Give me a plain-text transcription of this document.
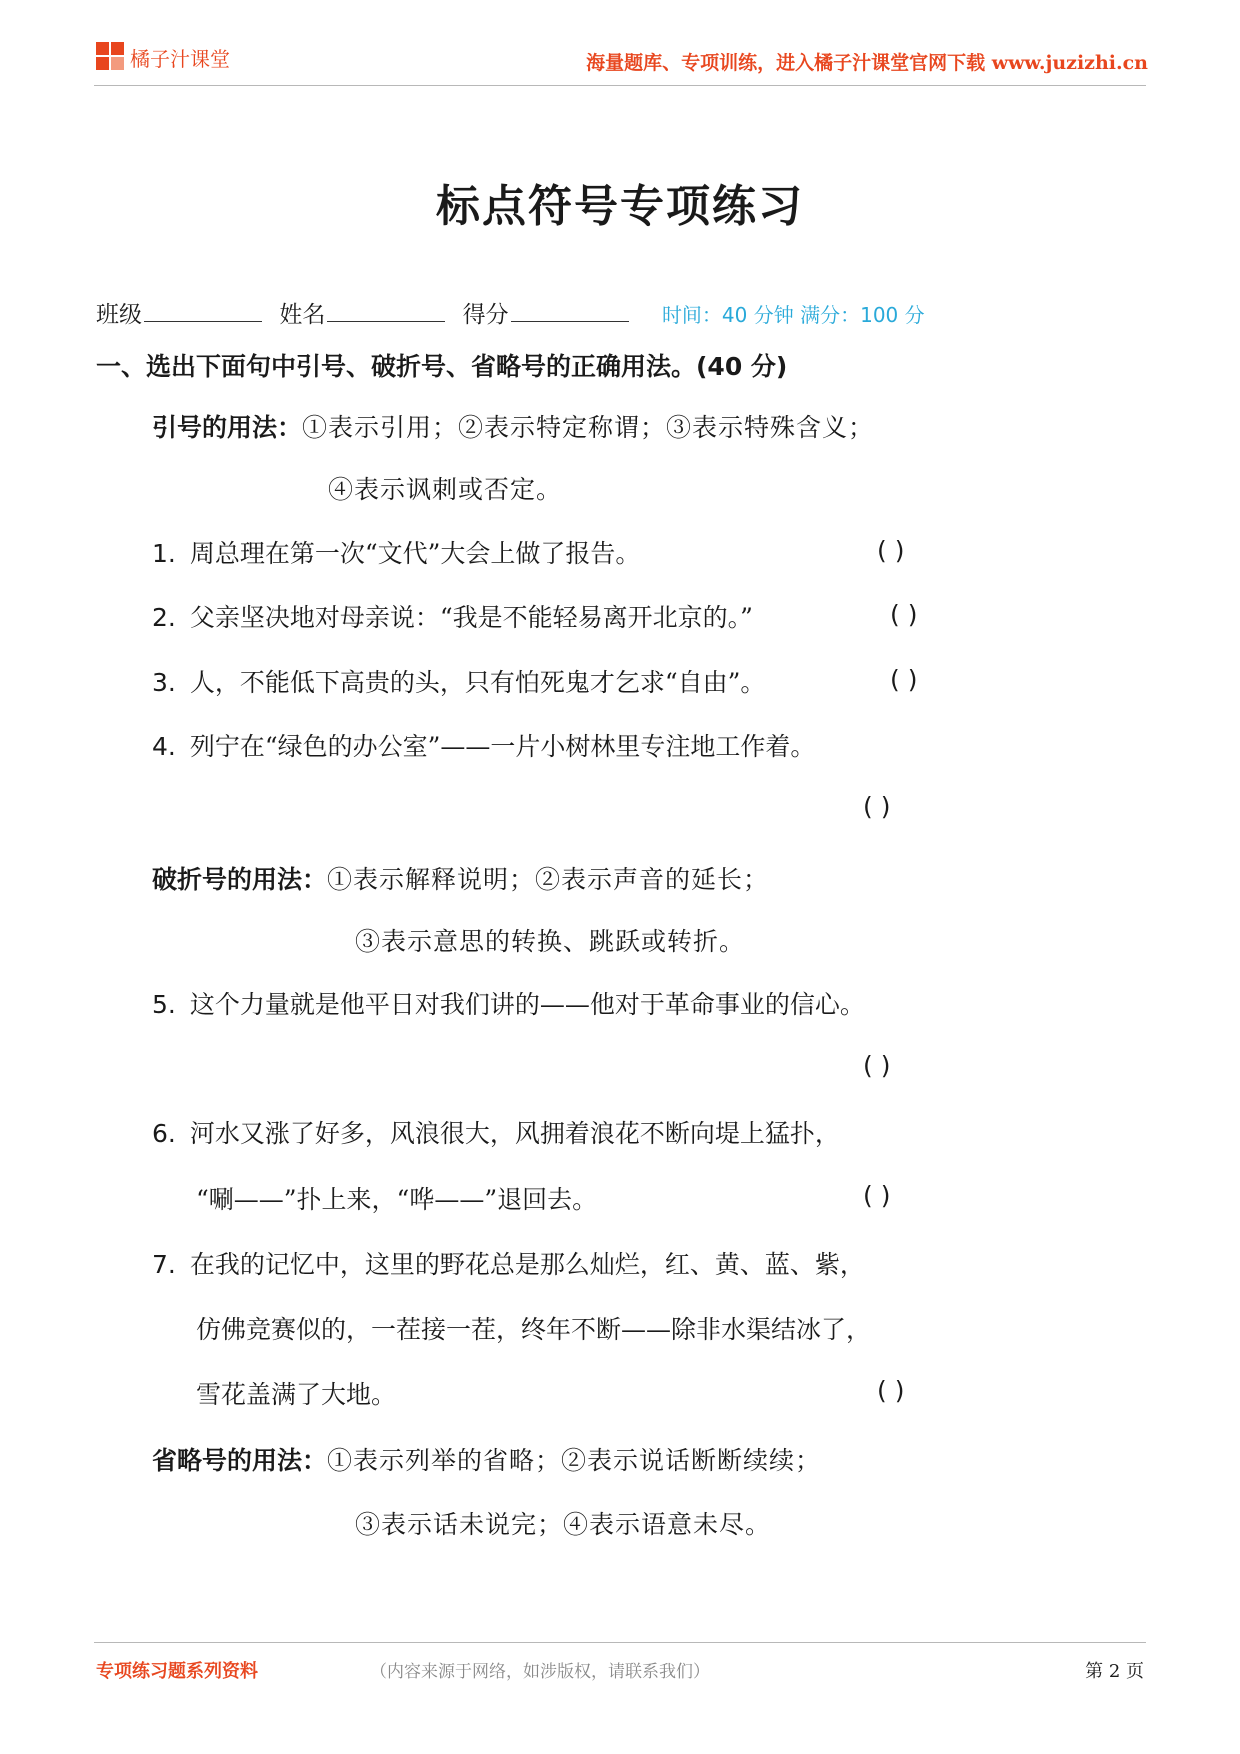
橘子汁课堂	海量题库、专项训练，进入橘子汁课堂官网下载 www.juzizhi.cn
标点符号专项练习
班级	姓名	得分	时间：40 分钟 满分：100 分
一、选出下面句中引号、破折号、省略号的正确用法。(40 分)
引号的用法：①表示引用；②表示特定称谓；③表示特殊含义；
④表示讽刺或否定。
1. 周总理在第一次“文代”大会上做了报告。	( )
2. 父亲坚决地对母亲说：“我是不能轻易离开北京的。”	( )
3. 人，不能低下高贵的头，只有怕死鬼才乞求“自由”。	( )
4. 列宁在“绿色的办公室”——一片小树林里专注地工作着。
( )
破折号的用法：①表示解释说明；②表示声音的延长；
③表示意思的转换、跳跃或转折。
5. 这个力量就是他平日对我们讲的——他对于革命事业的信心。
( )
6. 河水又涨了好多，风浪很大，风拥着浪花不断向堤上猛扑，
“唰——”扑上来，“哗——”退回去。	( )
7. 在我的记忆中，这里的野花总是那么灿烂，红、黄、蓝、紫，
仿佛竞赛似的，一茬接一茬，终年不断——除非水渠结冰了，
雪花盖满了大地。	( )
省略号的用法：①表示列举的省略；②表示说话断断续续；
③表示话未说完；④表示语意未尽。
专项练习题系列资料	（内容来源于网络，如涉版权，请联系我们）	第 2 页
